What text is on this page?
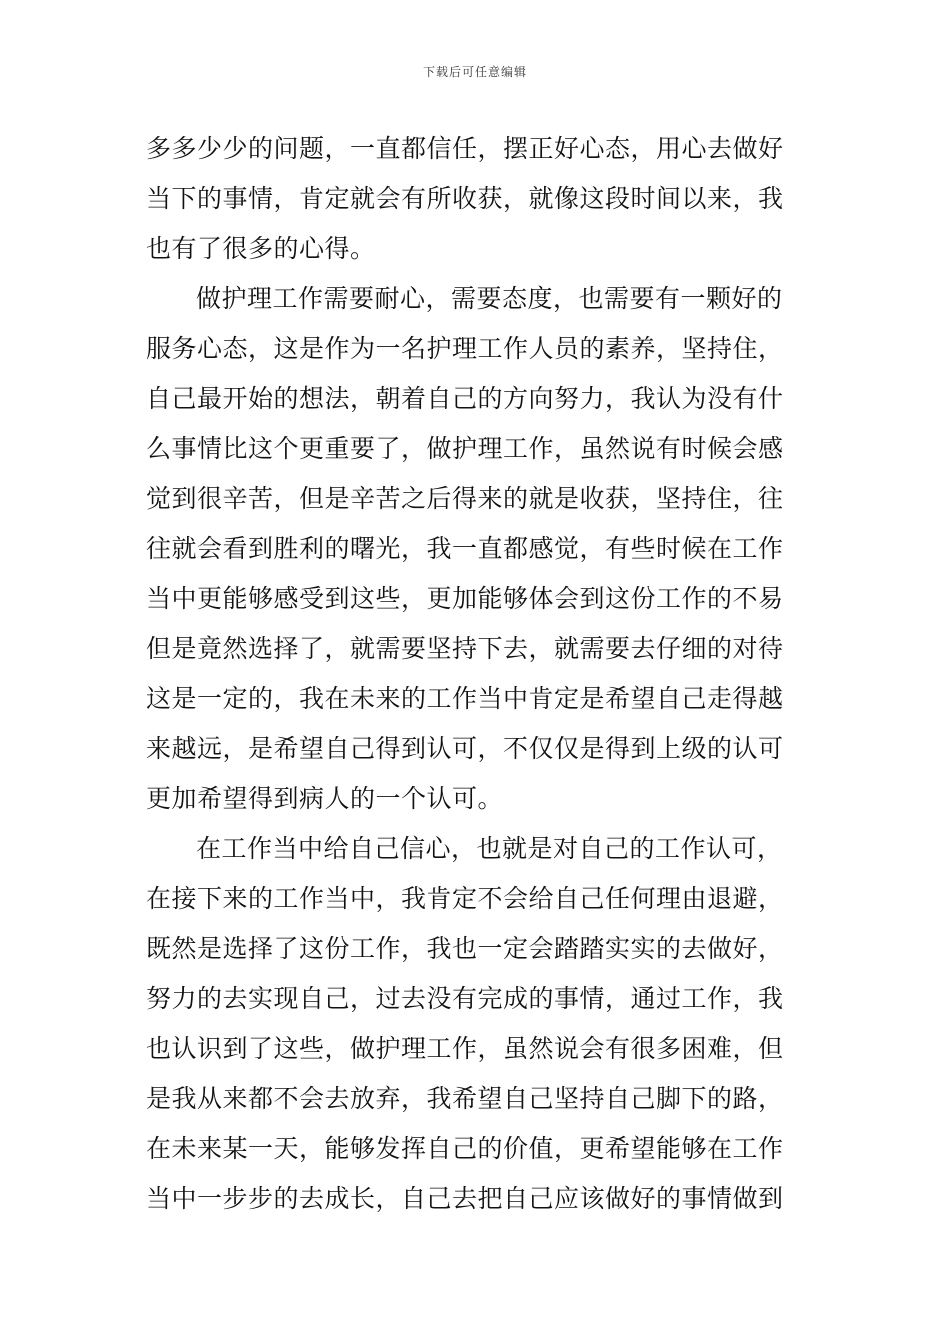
下载后可任意编辑
多多少少的问题，一直都信任，摆正好心态，用心去做好
当下的事情，肯定就会有所收获，就像这段时间以来，我
也有了很多的心得。
做护理工作需要耐心，需要态度，也需要有一颗好的
服务心态，这是作为一名护理工作人员的素养，坚持住，
自己最开始的想法，朝着自己的方向努力，我认为没有什
么事情比这个更重要了，做护理工作，虽然说有时候会感
觉到很辛苦，但是辛苦之后得来的就是收获，坚持住，往
往就会看到胜利的曙光，我一直都感觉，有些时候在工作
当中更能够感受到这些，更加能够体会到这份工作的不易
但是竟然选择了，就需要坚持下去，就需要去仔细的对待
这是一定的，我在未来的工作当中肯定是希望自己走得越
来越远，是希望自己得到认可，不仅仅是得到上级的认可
更加希望得到病人的一个认可。
在工作当中给自己信心，也就是对自己的工作认可，
在接下来的工作当中，我肯定不会给自己任何理由退避，
既然是选择了这份工作，我也一定会踏踏实实的去做好，
努力的去实现自己，过去没有完成的事情，通过工作，我
也认识到了这些，做护理工作，虽然说会有很多困难，但
是我从来都不会去放弃，我希望自己坚持自己脚下的路，
在未来某一天，能够发挥自己的价值，更希望能够在工作
当中一步步的去成长，自己去把自己应该做好的事情做到
